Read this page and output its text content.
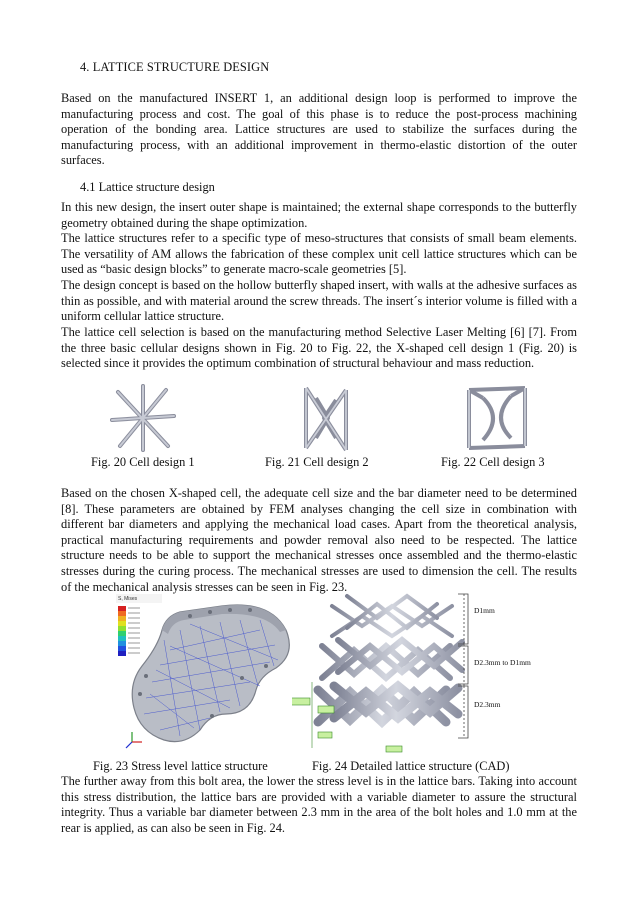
4. LATTICE STRUCTURE DESIGN

Based on the manufactured INSERT 1, an additional design loop is performed to improve the manufacturing process and cost. The goal of this phase is to reduce the post-process machining operation of the bonding area. Lattice structures are used to stabilize the surfaces during the manufacturing process, with an additional improvement in thermo-elastic distortion of the outer surfaces.

4.1 Lattice structure design

In this new design, the insert outer shape is maintained; the external shape corresponds to the butterfly geometry obtained during the shape optimization.

The lattice structures refer to a specific type of meso-structures that consists of small beam elements. The versatility of AM allows the fabrication of these complex unit cell lattice structures which can be used as “basic design blocks” to generate macro-scale geometries [5].

The design concept is based on the hollow butterfly shaped insert, with walls at the adhesive surfaces as thin as possible, and with material around the screw threads. The insert´s interior volume is filled with a uniform cellular lattice structure.

The lattice cell selection is based on the manufacturing method Selective Laser Melting [6] [7]. From the three basic cellular designs shown in Fig. 20 to Fig. 22, the X-shaped cell design 1 (Fig. 20) is selected since it provides the optimum combination of structural behaviour and mass reduction.

Fig. 20 Cell design 1	Fig. 21 Cell design 2	Fig. 22 Cell design 3

Based on the chosen X-shaped cell, the adequate cell size and the bar diameter need to be determined [8]. These parameters are obtained by FEM analyses changing the cell size in combination with different bar diameters and applying the mechanical load cases. Apart from the theoretical analysis, practical manufacturing requirements and powder removal also need to be respected. The lattice structure needs to be able to support the mechanical stresses once assembled and the thermo-elastic stresses during the curing process. The mechanical stresses are used to dimension the cell. The results of the mechanical analysis stresses can be seen in Fig. 23.

S, Mises
Fig. 23 Stress level lattice structure
D1mm
D2.3mm to D1mm
D2.3mm
Fig. 24 Detailed lattice structure (CAD)

The further away from this bolt area, the lower the stress level is in the lattice bars. Taking into account this stress distribution, the lattice bars are provided with a variable diameter to assure the structural integrity. Thus a variable bar diameter between 2.3 mm in the area of the bolt holes and 1.0 mm at the rear is applied, as can also be seen in Fig. 24.
